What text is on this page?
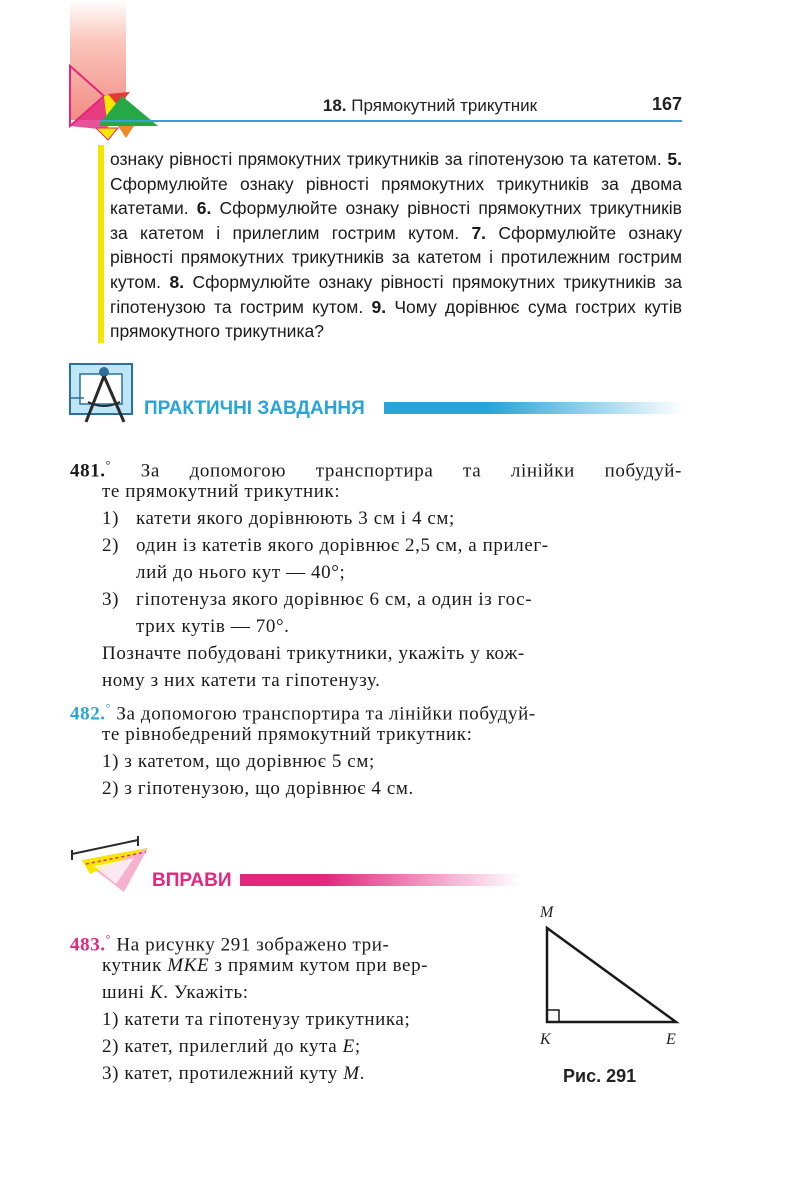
18. Прямокутний трикутник	167
ознаку рівності прямокутних трикутників за гіпотенузою та катетом. 5. Сформулюйте ознаку рівності прямокутних трикутників за двома катетами. 6. Сформулюйте ознаку рівності прямокутних трикутників за катетом і прилеглим гострим кутом. 7. Сформулюйте ознаку рівності прямокутних трикутників за катетом і протилежним гострим кутом. 8. Сформулюйте ознаку рівності прямокутних трикутників за гіпотенузою та гострим кутом. 9. Чому дорівнює сума гострих кутів прямокутного трикутника?
ПРАКТИЧНІ ЗАВДАННЯ
481.° За допомогою транспортира та лінійки побудуй-
те прямокутний трикутник:
1) катети якого дорівнюють 3 см і 4 см;
2) один із катетів якого дорівнює 2,5 см, а прилег-
лий до нього кут — 40°;
3) гіпотенуза якого дорівнює 6 см, а один із гос-
трих кутів — 70°.
Позначте побудовані трикутники, укажіть у кож-
ному з них катети та гіпотенузу.
482.° За допомогою транспортира та лінійки побудуй-
те рівнобедрений прямокутний трикутник:
1) з катетом, що дорівнює 5 см;
2) з гіпотенузою, що дорівнює 4 см.
ВПРАВИ
483.° На рисунку 291 зображено три-
кутник MKE з прямим кутом при вер-
шині K. Укажіть:
1) катети та гіпотенузу трикутника;
2) катет, прилеглий до кута E;
3) катет, протилежний куту M.
M
K	E
Рис. 291
